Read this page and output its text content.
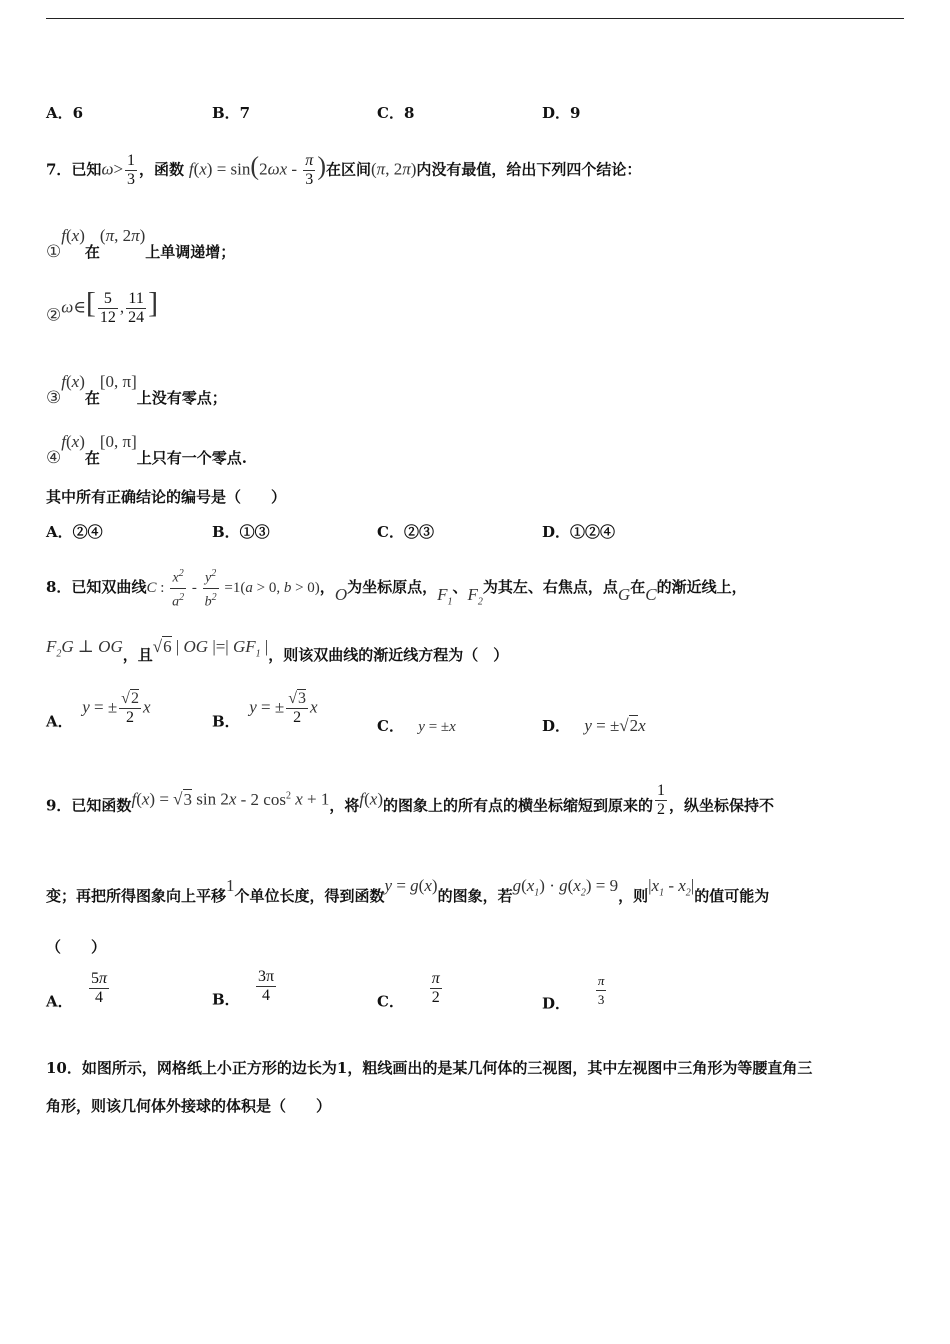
A．6	B．7	C．8	D．9
7．已知$\omega> \frac{1}{3}$ ，函数 $f(x) = \sin(2\omega x - \frac{\pi}{3}$ )在区间(π, 2π)内没有最值，给出下列四个结论：
①f(x)在(π, 2π)上单调递增；
②ω∈[ $\frac{5}{12}$ , $\frac{11}{24}$ ]
③f(x)在[0, π]上没有零点；
④f(x)在[0, π]上只有一个零点.
其中所有正确结论的编号是（　　）
A．②④	B．①③	C．②③	D．①②④
8．已知双曲线C : $\frac{x^2}{a^2} - \frac{y^2}{b^2} =1(a > 0$, b > 0)，O为坐标原点，$F_1$、$F_2$为其左、右焦点，点G在C的渐近线上，
$F_2G$ ⊥ OG，且√6 | OG |=| $GF_1$ |，则该双曲线的渐近线方程为（　）
A．  y = ± $\frac{√2}{2}$ x
B．  y = ± $\frac{√3}{2}$ x
C． y = ±x	D． y = ±√2x
9．已知函数f(x) = √3 sin 2x - 2 $\cos^2 x + 1$，将f(x)的图象上的所有点的横坐标缩短到原来的 $\frac{1}{2}$ ，纵坐标保持不
变；再把所得图象向上平移1个单位长度，得到函数y = g(x)的图象，若$g(x_1) \cdot g(x_2) = 9$，则$|x_1 - x_2|$的值可能为
（　　）
A． $\frac{5\pi}{4}$	B． $\frac{3\pi}{4}$	C． $\frac{\pi}{2}$	D． $\frac{\pi}{3}$
10．如图所示，网格纸上小正方形的边长为1，粗线画出的是某几何体的三视图，其中左视图中三角形为等腰直角三
角形，则该几何体外接球的体积是（　　）
